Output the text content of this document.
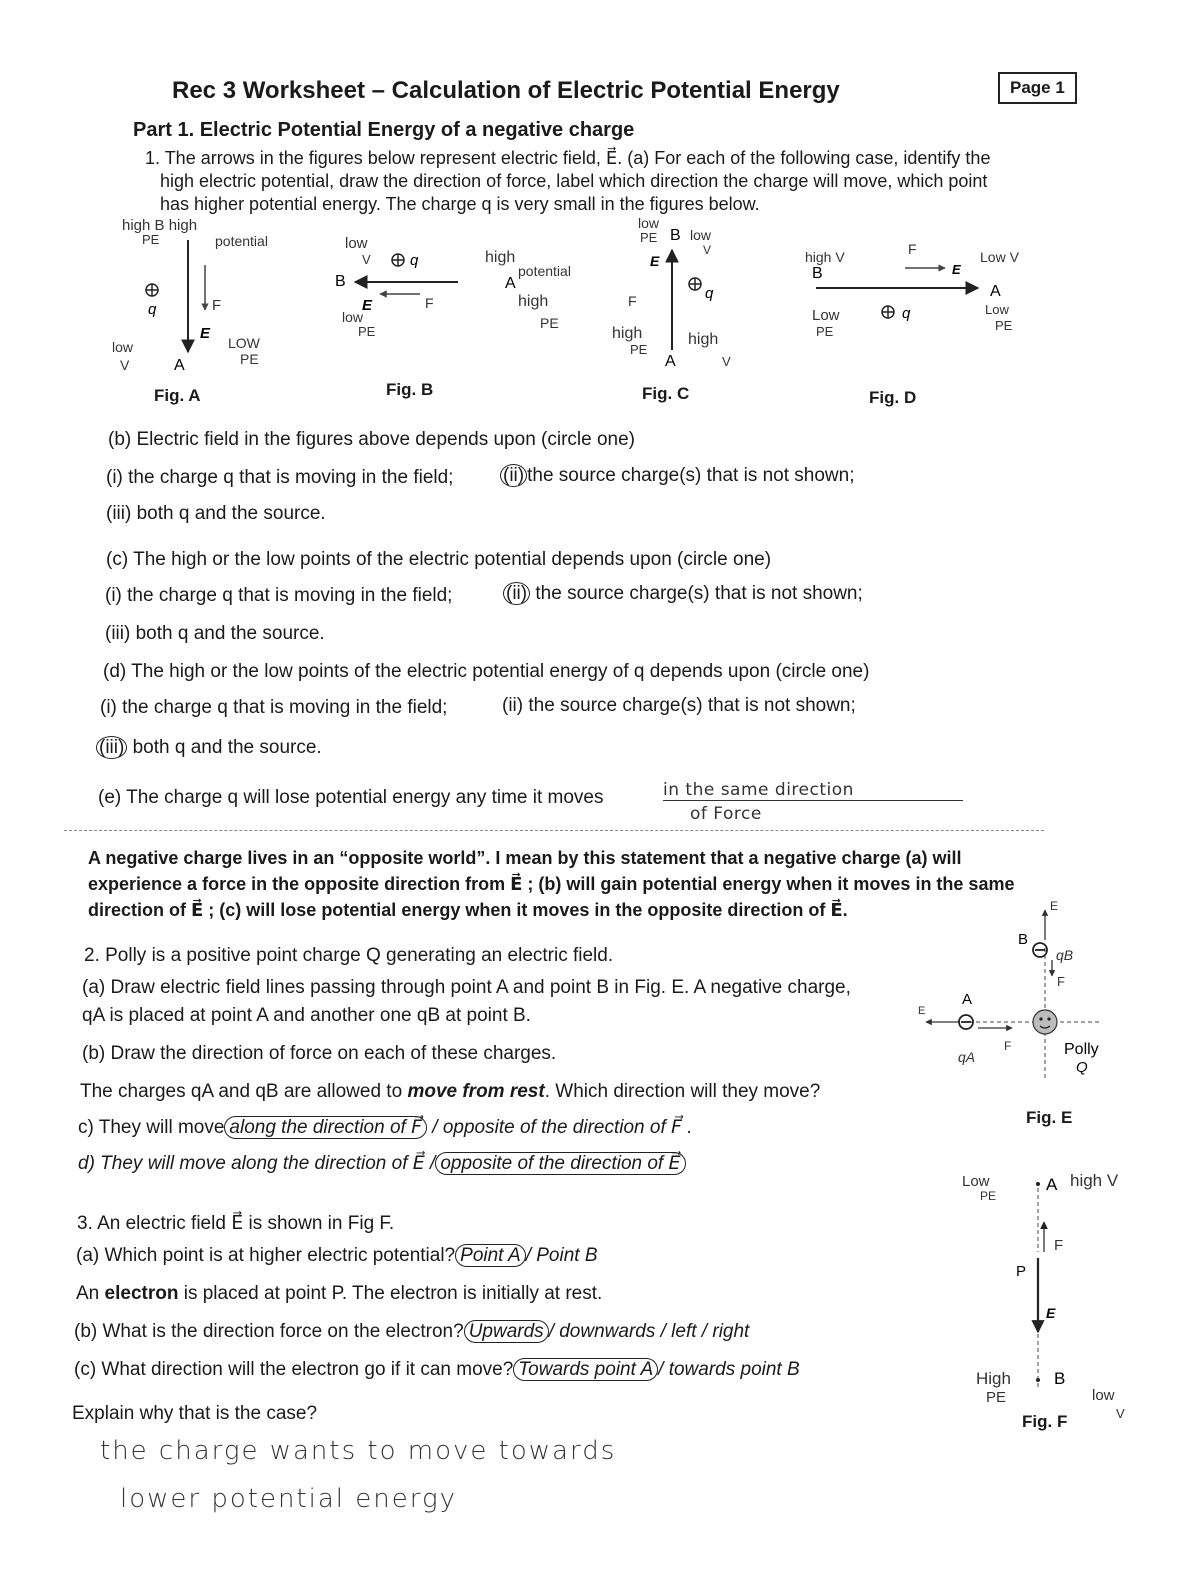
Rec 3 Worksheet – Calculation of Electric Potential Energy	Page 1
Part 1. Electric Potential Energy of a negative charge
1. The arrows in the figures below represent electric field, E⃗. (a) For each of the following case, identify the
high electric potential, draw the direction of force, label which direction the charge will move, which point
has higher potential energy. The charge q is very small in the figures below.
high B high
PE	potential
q	F
E
low
V	A
LOW
PE
low
V	q
B
E	F
low
PE
low
PE B low
V
high
potential
A
E
high
PE
q
F
high
PE
A
high
V
high V
B
F
E
Low V
A
Low
PE
Low
PE
q
Fig. A	Fig. B	Fig. C	Fig. D
(b) Electric field in the figures above depends upon (circle one)
(i) the charge q that is moving in the field;	(ii) the source charge(s) that is not shown;
(iii) both q and the source.
(c) The high or the low points of the electric potential depends upon (circle one)
(i) the charge q that is moving in the field;	(ii) the source charge(s) that is not shown;
(iii) both q and the source.
(d) The high or the low points of the electric potential energy of q depends upon (circle one)
(i) the charge q that is moving in the field;	(ii) the source charge(s) that is not shown;
(iii) both q and the source.
(e) The charge q will lose potential energy any time it moves	in the same direction
of Force
A negative charge lives in an “opposite world”. I mean by this statement that a negative charge (a) will
experience a force in the opposite direction from E⃗ ; (b) will gain potential energy when it moves in the same
direction of E⃗ ; (c) will lose potential energy when it moves in the opposite direction of E⃗.
2. Polly is a positive point charge Q generating an electric field.
(a) Draw electric field lines passing through point A and point B in Fig. E. A negative charge,
qA is placed at point A and another one qB at point B.
(b) Draw the direction of force on each of these charges.
The charges qA and qB are allowed to move from rest. Which direction will they move?
c) They will move along the direction of F⃗ / opposite of the direction of F⃗ .
d) They will move along the direction of E⃗ / opposite of the direction of E⃗
E
B
qB
F
A
E
F
qA	Polly
Q
Fig. E
3. An electric field E⃗ is shown in Fig F.
(a) Which point is at higher electric potential? Point A / Point B
An electron is placed at point P. The electron is initially at rest.
(b) What is the direction force on the electron? Upwards / downwards / left / right
(c) What direction will the electron go if it can move? Towards point A / towards point B
Explain why that is the case?
the charge wants to move towards
lower potential energy
Low
PE
A high V
F
P
E
High
PE
B
low
V
Fig. F
